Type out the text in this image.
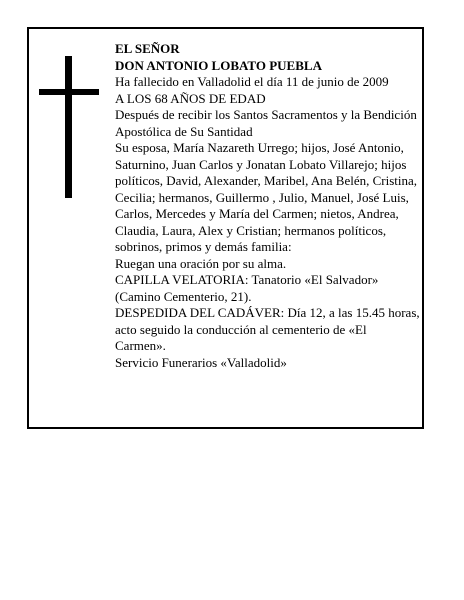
EL SEÑOR
DON ANTONIO LOBATO PUEBLA
Ha fallecido en Valladolid el día 11 de junio de 2009
A LOS 68 AÑOS DE EDAD
Después de recibir los Santos Sacramentos y la Bendición Apostólica de Su Santidad
Su esposa, María Nazareth Urrego; hijos, José Antonio, Saturnino, Juan Carlos y Jonatan Lobato Villarejo; hijos políticos, David, Alexander, Maribel, Ana Belén, Cristina, Cecilia; hermanos, Guillermo , Julio, Manuel, José Luis, Carlos, Mercedes y María del Carmen; nietos, Andrea, Claudia, Laura, Alex y Cristian; hermanos políticos, sobrinos, primos y demás familia:
Ruegan una oración por su alma.
CAPILLA VELATORIA: Tanatorio «El Salvador» (Camino Cementerio, 21).
DESPEDIDA DEL CADÁVER: Día 12, a las 15.45 horas, acto seguido la conducción al cementerio de «El Carmen».
Servicio Funerarios «Valladolid»
